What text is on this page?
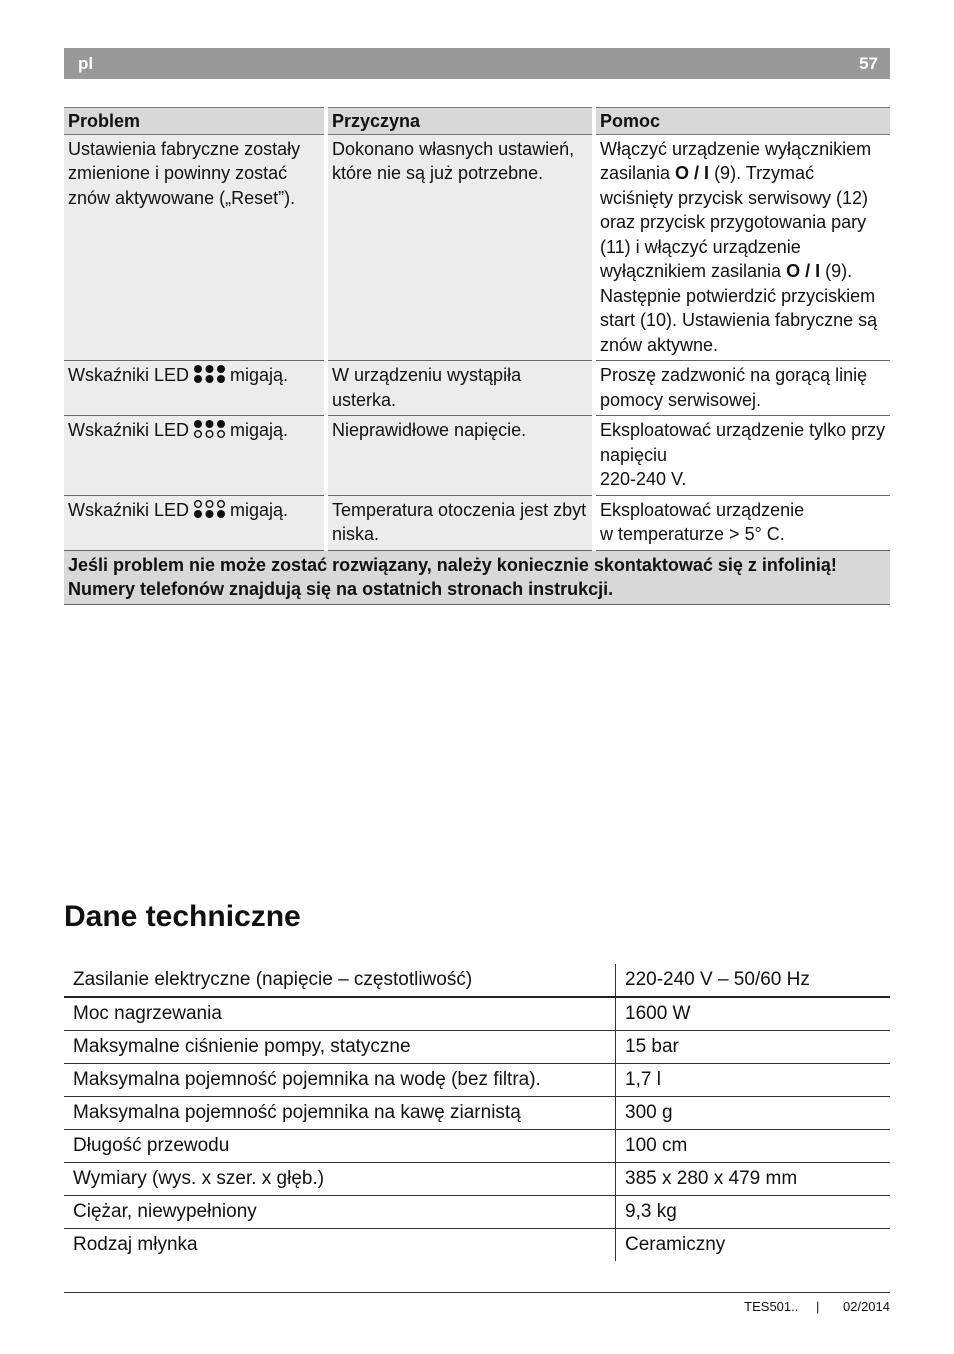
pl	57
Problem	Przyczyna	Pomoc
Ustawienia fabryczne zostały zmienione i powinny zostać znów aktywowane („Reset”).	Dokonano własnych ustawień, które nie są już potrzebne.	Włączyć urządzenie wyłącznikiem zasilania O / I (9). Trzymać wciśnięty przycisk serwisowy (12) oraz przycisk przygotowania pary (11) i włączyć urządzenie wyłącznikiem zasilania O / I (9). Następnie potwierdzić przyciskiem start (10). Ustawienia fabryczne są znów aktywne.
Wskaźniki LED migają.	W urządzeniu wystąpiła usterka.	Proszę zadzwonić na gorącą linię pomocy serwisowej.
Wskaźniki LED migają.	Nieprawidłowe napięcie.	Eksploatować urządzenie tylko przy napięciu
220-240 V.
Wskaźniki LED migają.	Temperatura otoczenia jest zbyt niska.	Eksploatować urządzenie
w temperaturze > 5° C.
Jeśli problem nie może zostać rozwiązany, należy koniecznie skontaktować się z infolinią! Numery telefonów znajdują się na ostatnich stronach instrukcji.		
Dane techniczne
Zasilanie elektryczne (napięcie – częstotliwość)	220-240 V – 50/60 Hz
Moc nagrzewania	1600 W
Maksymalne ciśnienie pompy, statyczne	15 bar
Maksymalna pojemność pojemnika na wodę (bez filtra).	1,7 l
Maksymalna pojemność pojemnika na kawę ziarnistą	300 g
Długość przewodu	100 cm
Wymiary (wys. x szer. x głęb.)	385 x 280 x 479 mm
Ciężar, niewypełniony	9,3 kg
Rodzaj młynka	Ceramiczny
TES501.. | 02/2014
